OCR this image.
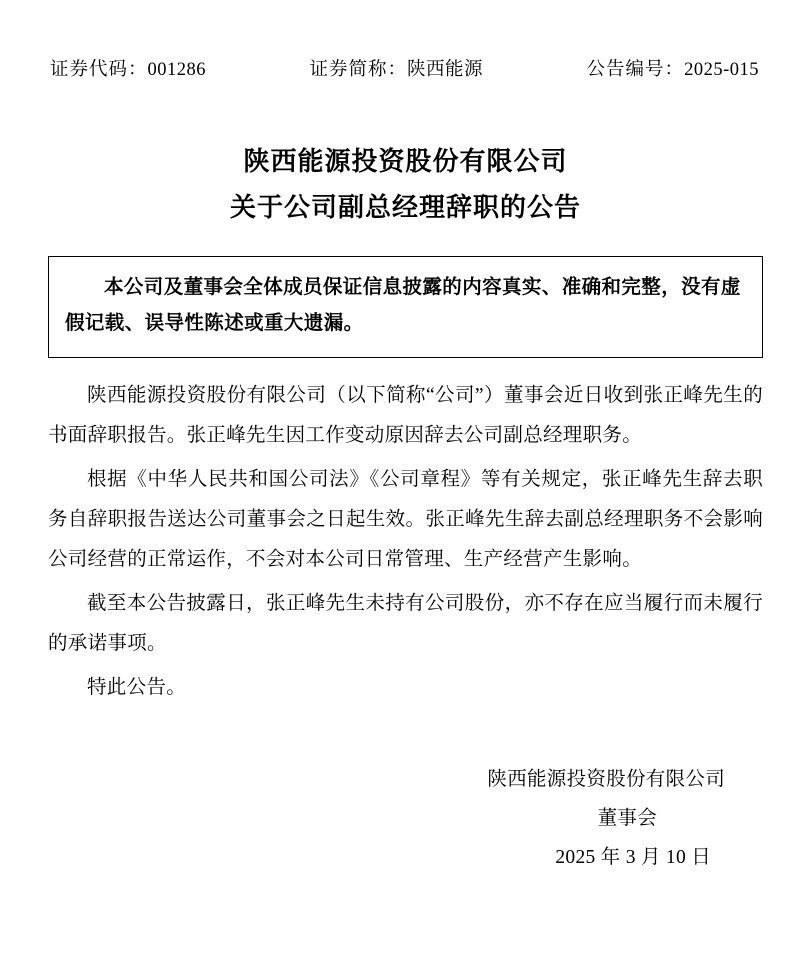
证券代码：001286	证券简称：陕西能源	公告编号：2025-015
陕西能源投资股份有限公司
关于公司副总经理辞职的公告

本公司及董事会全体成员保证信息披露的内容真实、准确和完整，没有虚假记载、误导性陈述或重大遗漏。

陕西能源投资股份有限公司（以下简称“公司”）董事会近日收到张正峰先生的书面辞职报告。张正峰先生因工作变动原因辞去公司副总经理职务。

根据《中华人民共和国公司法》《公司章程》等有关规定，张正峰先生辞去职务自辞职报告送达公司董事会之日起生效。张正峰先生辞去副总经理职务不会影响公司经营的正常运作，不会对本公司日常管理、生产经营产生影响。

截至本公告披露日，张正峰先生未持有公司股份，亦不存在应当履行而未履行的承诺事项。

特此公告。

陕西能源投资股份有限公司
董事会
2025 年 3 月 10 日
